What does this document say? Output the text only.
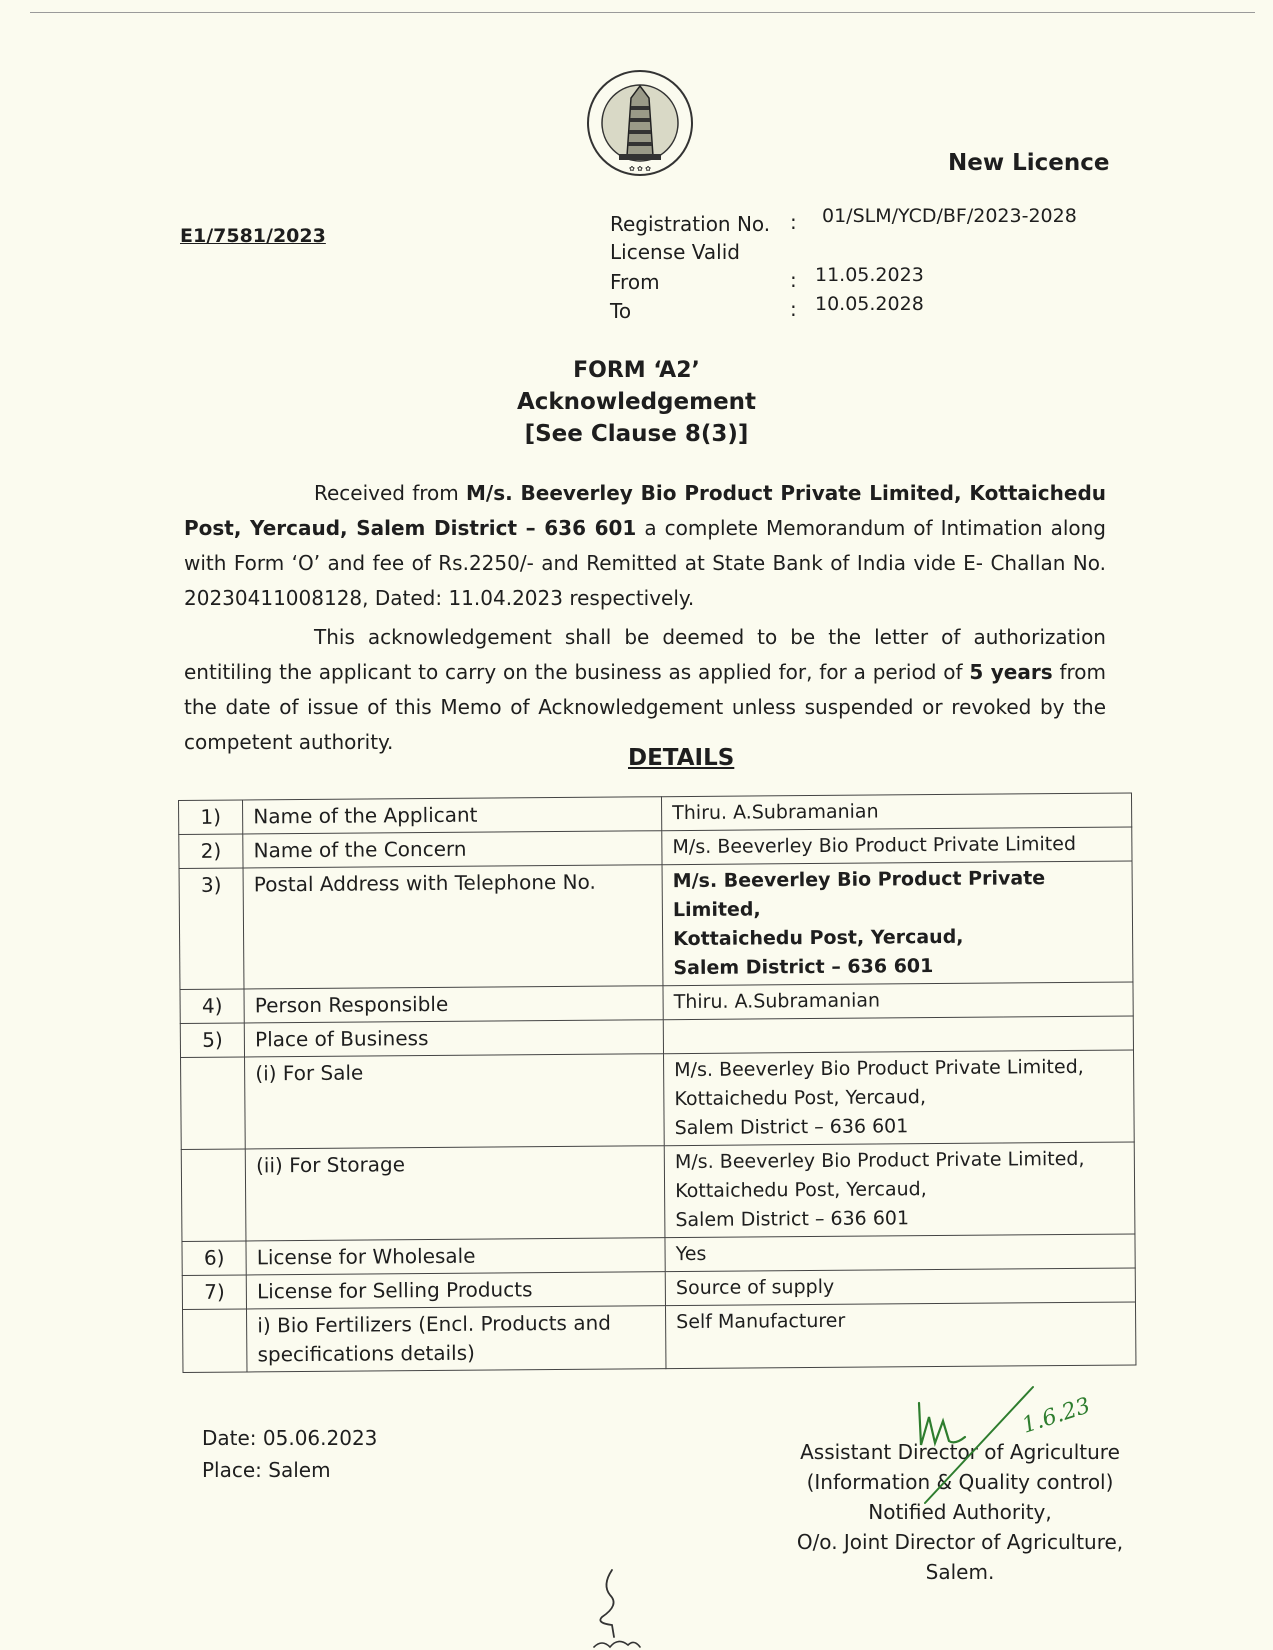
✿ ✿ ✿	New Licence
E1/7581/2023	Registration No. : 01/SLM/YCD/BF/2023-2028
License Valid
From	: 11.05.2023
To	: 10.05.2028
FORM ‘A2’
Acknowledgement
[See Clause 8(3)]
Received from M/s. Beeverley Bio Product Private Limited, Kottaichedu Post, Yercaud, Salem District – 636 601 a complete Memorandum of Intimation along with Form ‘O’ and fee of Rs.2250/- and Remitted at State Bank of India vide E- Challan No. 20230411008128, Dated: 11.04.2023 respectively.
This acknowledgement shall be deemed to be the letter of authorization entitiling the applicant to carry on the business as applied for, for a period of 5 years from the date of issue of this Memo of Acknowledgement unless suspended or revoked by the competent authority.
DETAILS
1)	Name of the Applicant	Thiru. A.Subramanian
2)	Name of the Concern	M/s. Beeverley Bio Product Private Limited
3)	Postal Address with Telephone No.	M/s. Beeverley Bio Product Private Limited,
Kottaichedu Post, Yercaud,
Salem District – 636 601

4)	Person Responsible	Thiru. A.Subramanian
5)	Place of Business	
	(i) For Sale	M/s. Beeverley Bio Product Private Limited,
Kottaichedu Post, Yercaud,
Salem District – 636 601

	(ii) For Storage	M/s. Beeverley Bio Product Private Limited,
Kottaichedu Post, Yercaud,
Salem District – 636 601

6)	License for Wholesale	Yes
7)	License for Selling Products	Source of supply
	i) Bio Fertilizers (Encl. Products and specifications details)	Self Manufacturer
Date: 05.06.2023
Place: Salem
Assistant Director of Agriculture
(Information & Quality control)
Notified Authority,
O/o. Joint Director of Agriculture,
Salem.
1.6.23
